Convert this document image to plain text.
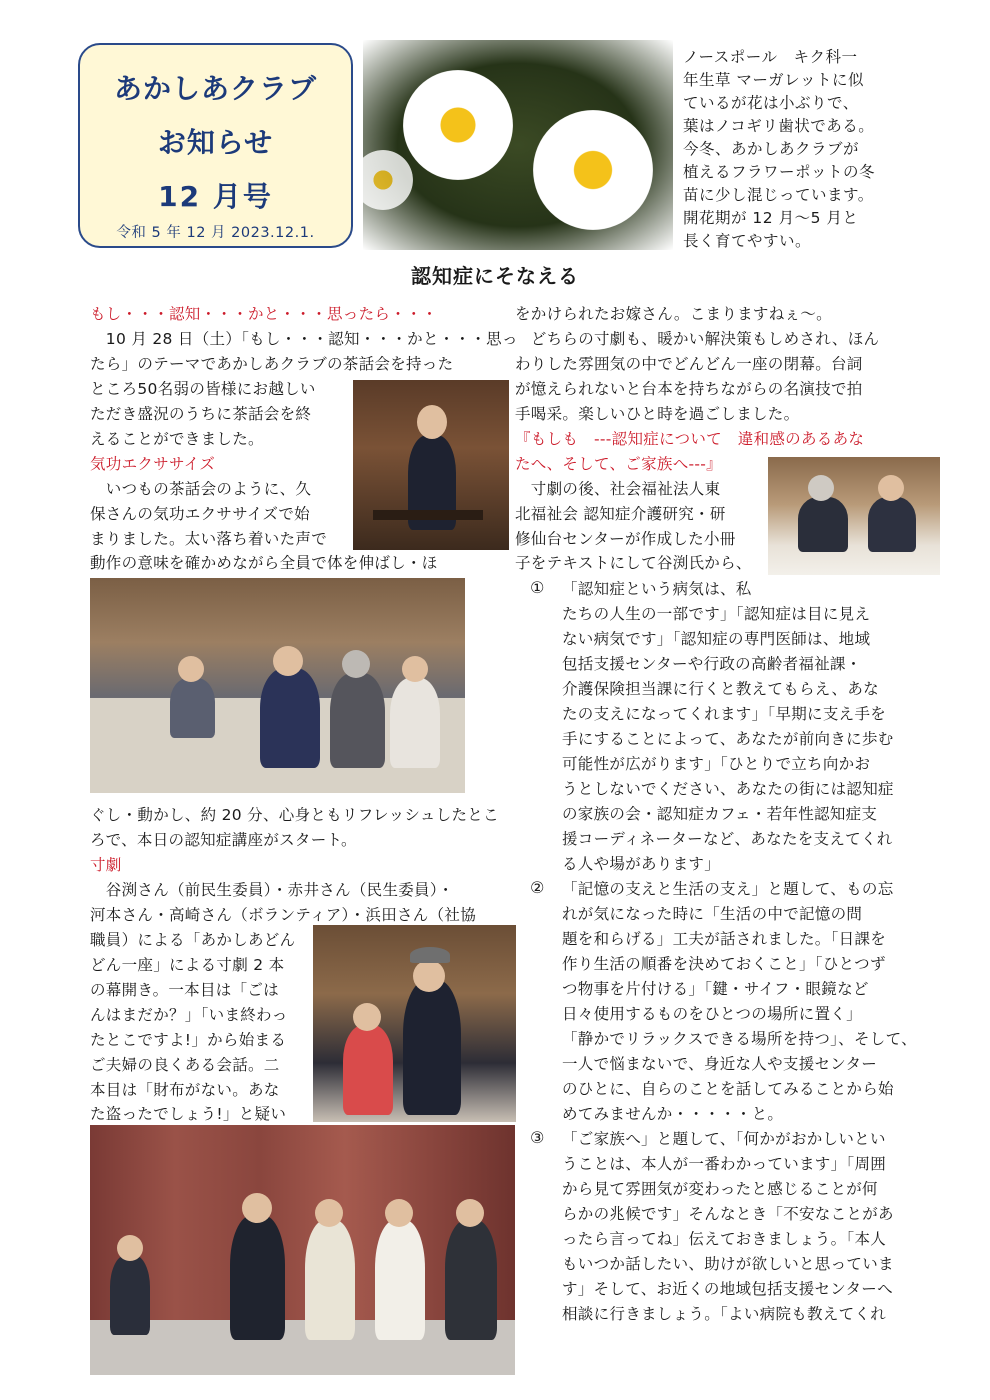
あかしあクラブ
お知らせ
12 月号
令和 5 年 12 月 2023.12.1.
ノースポール　キク科一
年生草 マーガレットに似
ているが花は小ぶりで、
葉はノコギリ歯状である。
今冬、あかしあクラブが
植えるフラワーポットの冬
苗に少し混じっています。
開花期が 12 月～5 月と
長く育てやすい。
認知症にそなえる
もし・・・認知・・・かと・・・思ったら・・・
　10 月 28 日（土）「もし・・・認知・・・かと・・・思っ
たら」のテーマであかしあクラブの茶話会を持った
ところ50名弱の皆様にお越しい
ただき盛況のうちに茶話会を終
えることができました。
気功エクササイズ
　いつもの茶話会のように、久
保さんの気功エクササイズで始
まりました。太い落ち着いた声で
動作の意味を確かめながら全員で体を伸ばし・ほ
ぐし・動かし、約 20 分、心身ともリフレッシュしたとこ
ろで、本日の認知症講座がスタート。
寸劇
　谷渕さん（前民生委員）・赤井さん（民生委員）・
河本さん・高崎さん（ボランティア）・浜田さん（社協
職員）による「あかしあどん
どん一座」による寸劇 2 本
の幕開き。一本目は「ごは
んはまだか？」「いま終わっ
たとこですよ!」から始まる
ご夫婦の良くある会話。二
本目は「財布がない。あな
た盗ったでしょう!」と疑い
をかけられたお嫁さん。こまりますねぇ～。
　どちらの寸劇も、暖かい解決策もしめされ、ほん
わりした雰囲気の中でどんどん一座の閉幕。台詞
が憶えられないと台本を持ちながらの名演技で拍
手喝采。楽しいひと時を過ごしました。
『もしも　---認知症について　違和感のあるあな
たへ、そして、ご家族へ---』
　寸劇の後、社会福祉法人東
北福祉会 認知症介護研究・研
修仙台センターが作成した小冊
子をテキストにして谷渕氏から、
① 「認知症という病気は、私
たちの人生の一部です」「認知症は目に見え
ない病気です」「認知症の専門医師は、地域
包括支援センターや行政の高齢者福祉課・
介護保険担当課に行くと教えてもらえ、あな
たの支えになってくれます」「早期に支え手を
手にすることによって、あなたが前向きに歩む
可能性が広がります」「ひとりで立ち向かお
うとしないでください、あなたの街には認知症
の家族の会・認知症カフェ・若年性認知症支
援コーディネーターなど、あなたを支えてくれ
る人や場があります」
② 「記憶の支えと生活の支え」と題して、もの忘
れが気になった時に「生活の中で記憶の問
題を和らげる」工夫が話されました。「日課を
作り生活の順番を決めておくこと」「ひとつず
つ物事を片付ける」「鍵・サイフ・眼鏡など
日々使用するものをひとつの場所に置く」
「静かでリラックスできる場所を持つ」、そして、
一人で悩まないで、身近な人や支援センター
のひとに、自らのことを話してみることから始
めてみませんか・・・・・と。
③ 「ご家族へ」と題して、「何かがおかしいとい
うことは、本人が一番わかっています」「周囲
から見て雰囲気が変わったと感じることが何
らかの兆候です」そんなとき「不安なことがあ
ったら言ってね」伝えておきましょう。「本人
もいつか話したい、助けが欲しいと思っていま
す」そして、お近くの地域包括支援センターへ
相談に行きましょう。「よい病院も教えてくれ
